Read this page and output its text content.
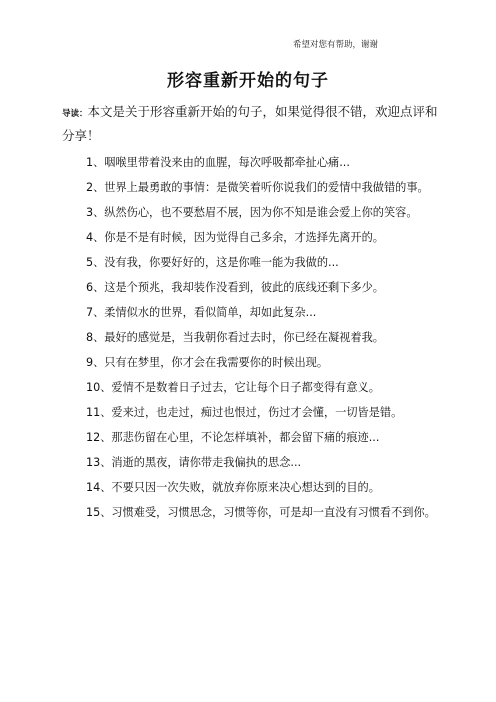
希望对您有帮助，谢谢
形容重新开始的句子
导读：本文是关于形容重新开始的句子，如果觉得很不错，欢迎点评和分享！
1、咽喉里带着没来由的血腥，每次呼吸都牵扯心痛...
2、世界上最勇敢的事情：是微笑着听你说我们的爱情中我做错的事。
3、纵然伤心，也不要愁眉不展，因为你不知是谁会爱上你的笑容。
4、你是不是有时候，因为觉得自己多余，才选择先离开的。
5、没有我，你要好好的，这是你唯一能为我做的...
6、这是个预兆，我却装作没看到，彼此的底线还剩下多少。
7、柔情似水的世界，看似简单，却如此复杂...
8、最好的感觉是，当我朝你看过去时，你已经在凝视着我。
9、只有在梦里，你才会在我需要你的时候出现。
10、爱情不是数着日子过去，它让每个日子都变得有意义。
11、爱来过，也走过，痴过也恨过，伤过才会懂，一切皆是错。
12、那悲伤留在心里，不论怎样填补，都会留下痛的痕迹...
13、消逝的黑夜，请你带走我偏执的思念...
14、不要只因一次失败，就放弃你原来决心想达到的目的。
15、习惯难受，习惯思念，习惯等你，可是却一直没有习惯看不到你。
